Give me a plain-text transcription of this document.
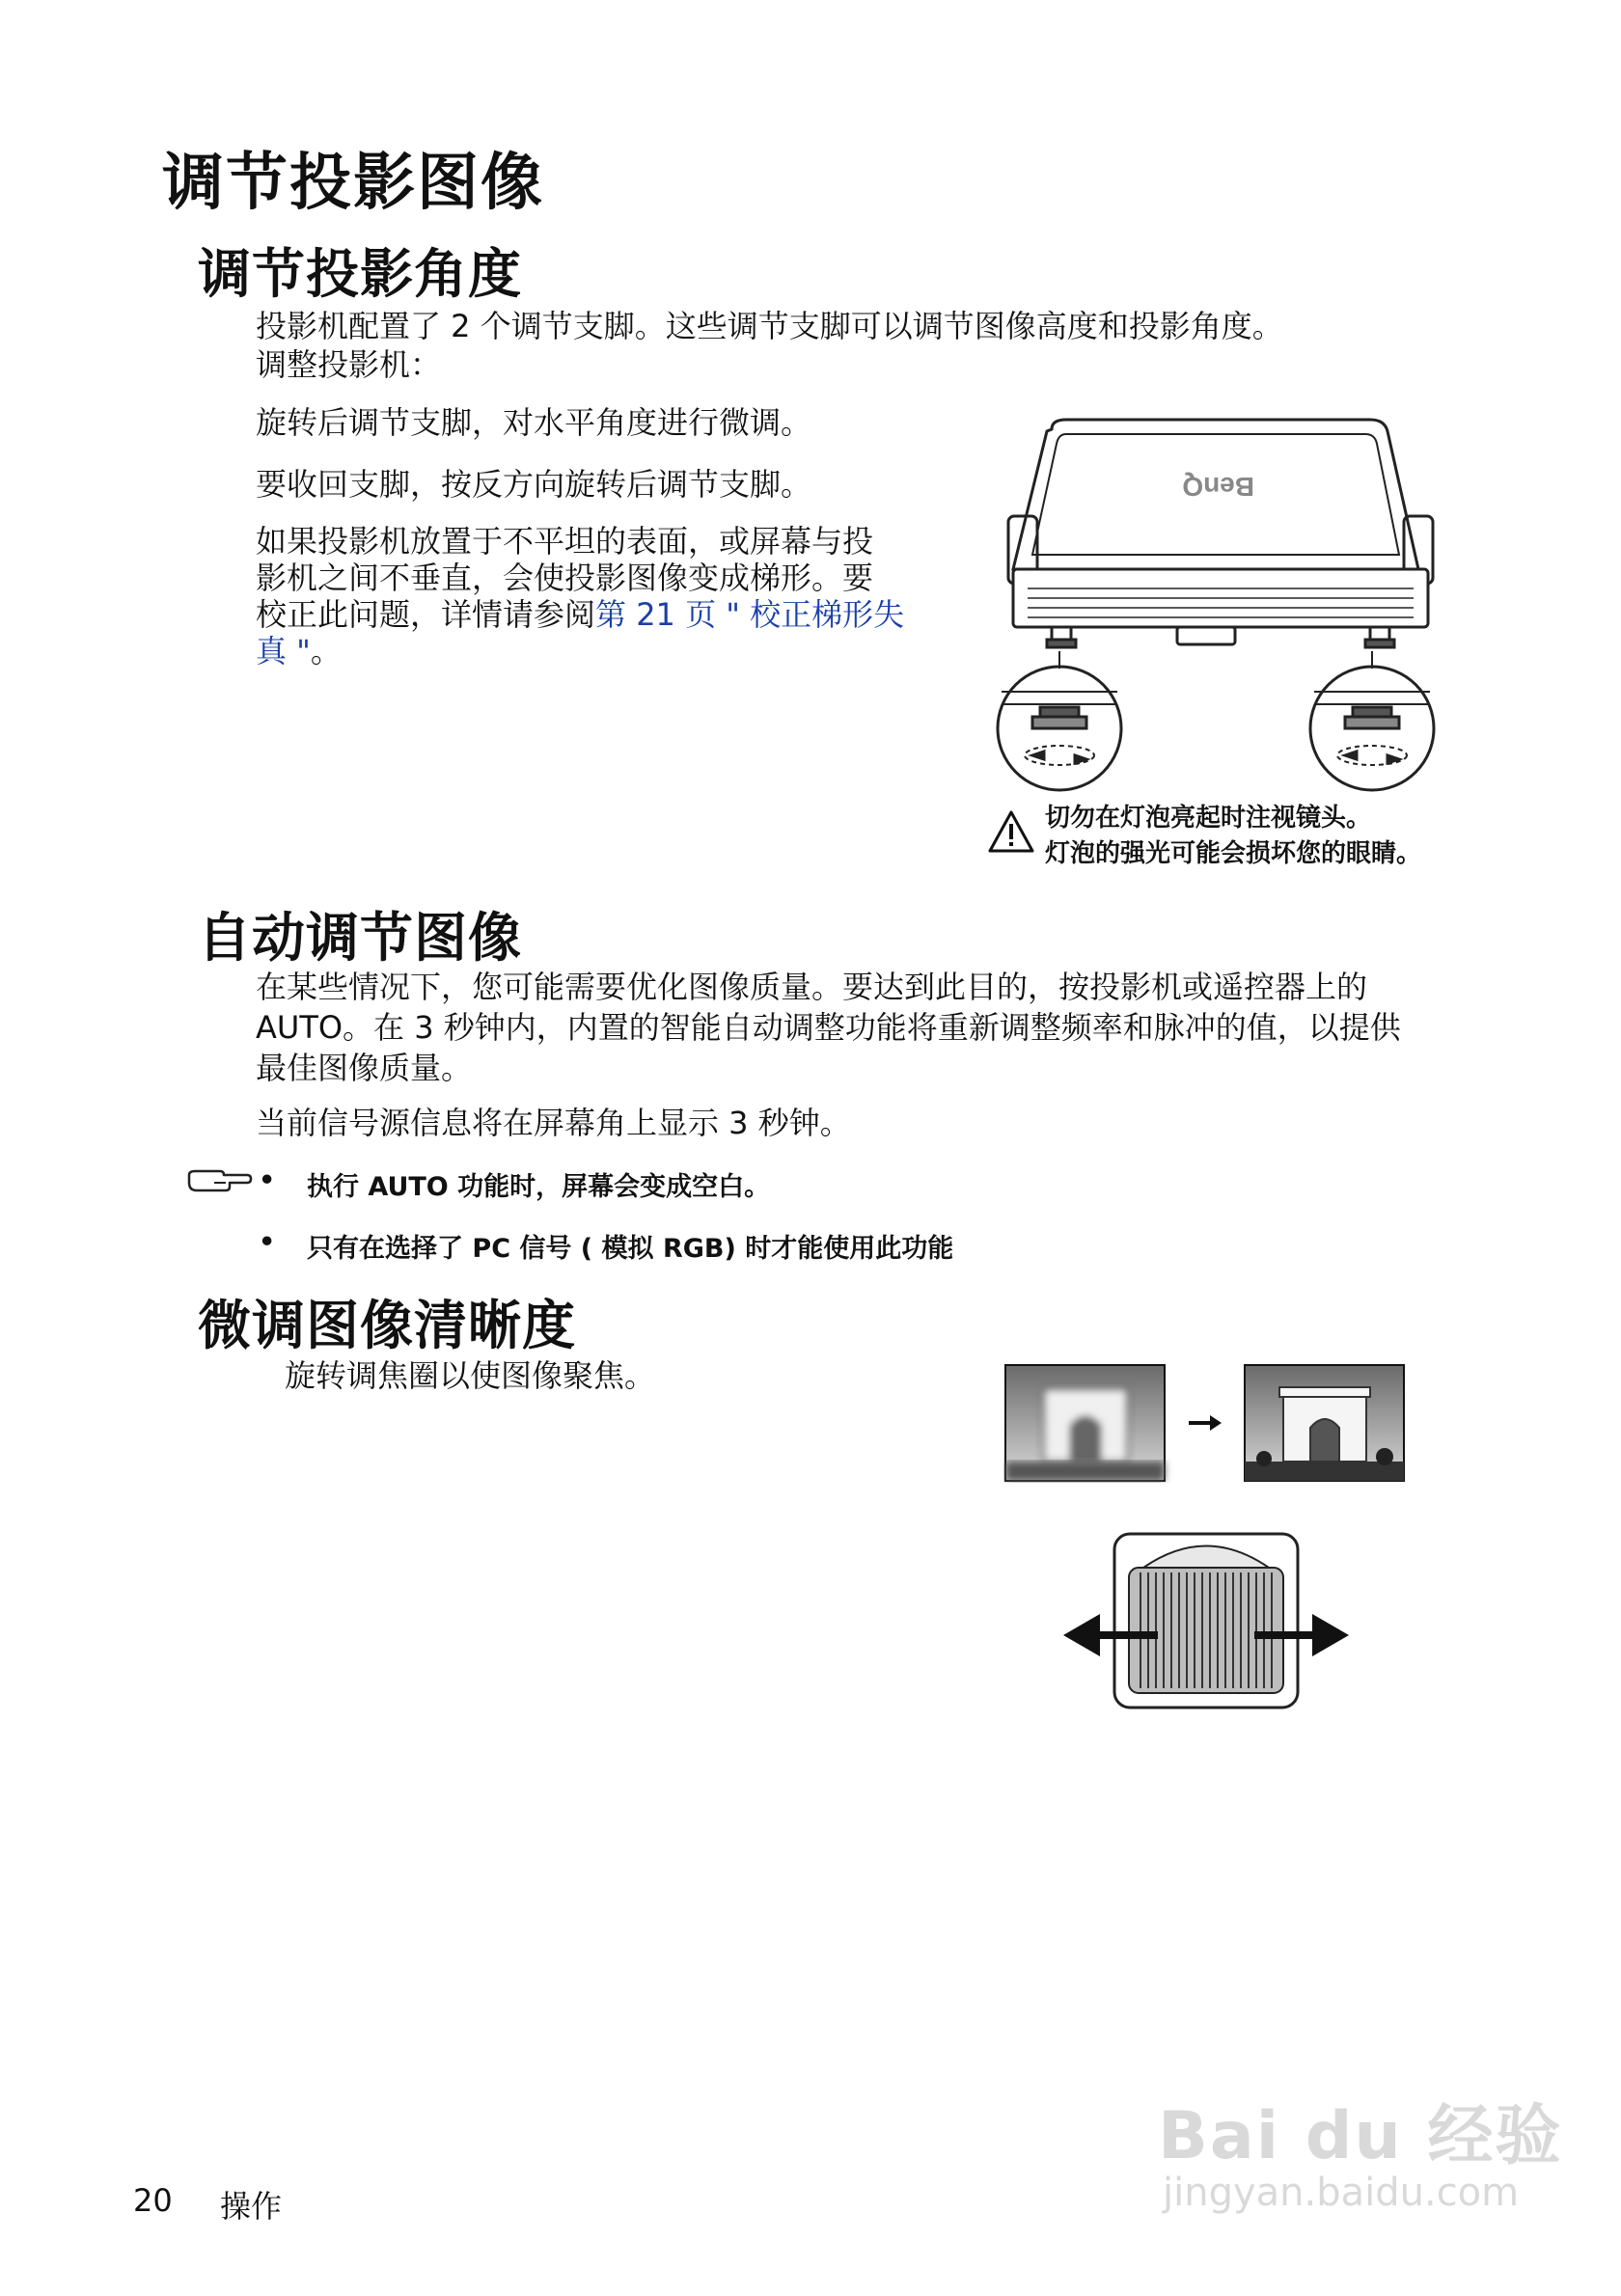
调节投影图像
调节投影角度

投影机配置了 2 个调节支脚。这些调节支脚可以调节图像高度和投影角度。

调整投影机：

旋转后调节支脚，对水平角度进行微调。

要收回支脚，按反方向旋转后调节支脚。

如果投影机放置于不平坦的表面，或屏幕与投
影机之间不垂直，会使投影图像变成梯形。要
校正此问题，详情请参阅第 21 页 " 校正梯形失
真 "。
BenQ
切勿在灯泡亮起时注视镜头。
灯泡的强光可能会损坏您的眼睛。
自动调节图像
在某些情况下，您可能需要优化图像质量。要达到此目的，按投影机或遥控器上的
AUTO。在 3 秒钟内，内置的智能自动调整功能将重新调整频率和脉冲的值，以提供
最佳图像质量。

当前信号源信息将在屏幕角上显示 3 秒钟。

• 执行 AUTO 功能时，屏幕会变成空白。
• 只有在选择了 PC 信号 ( 模拟 RGB) 时才能使用此功能
微调图像清晰度

旋转调焦圈以使图像聚焦。

Bai du 经验
jingyan.baidu.com
20 操作
